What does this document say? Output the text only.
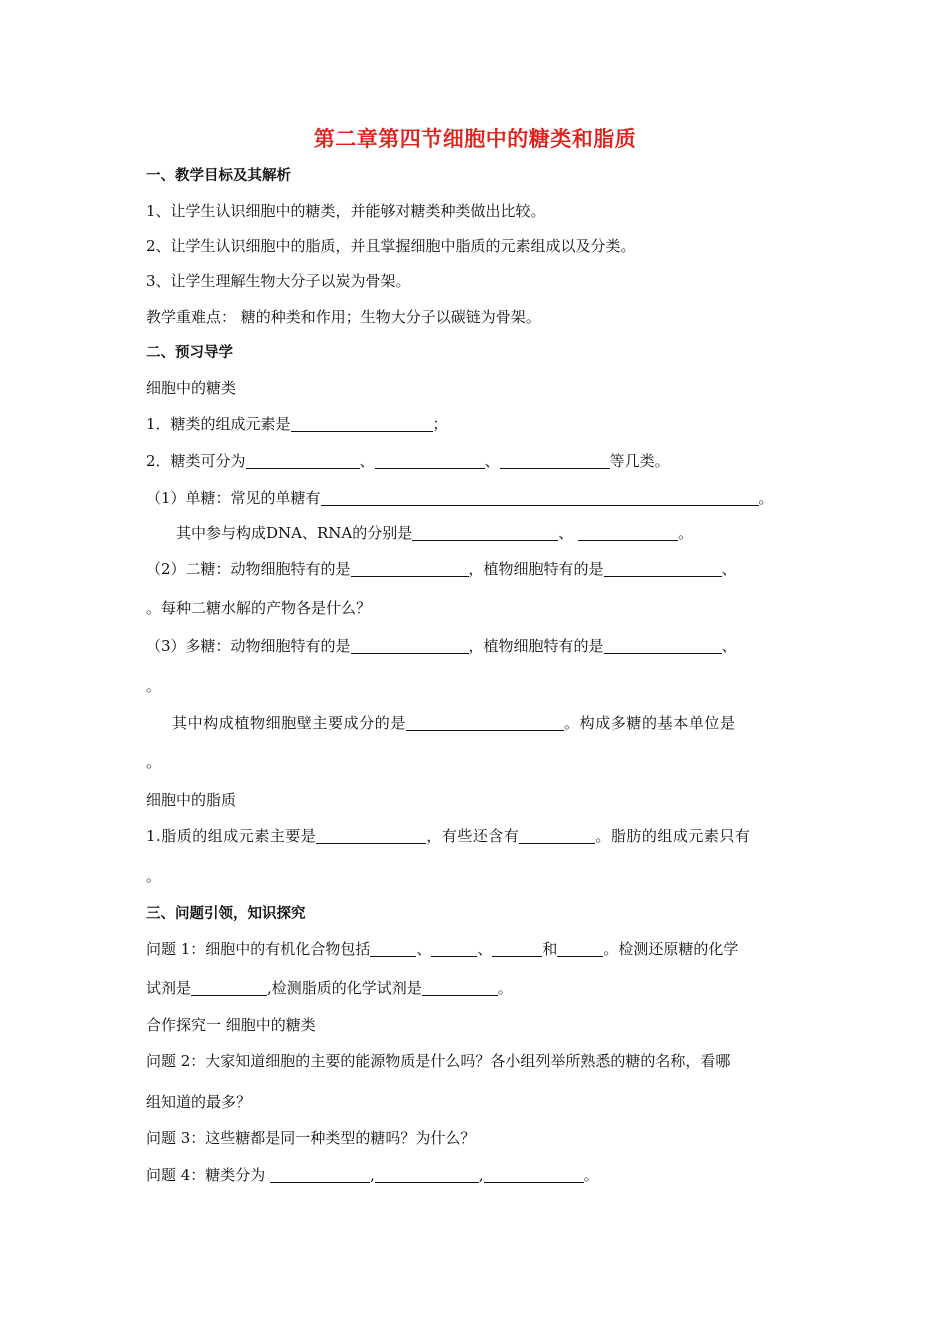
第二章第四节细胞中的糖类和脂质
一、教学目标及其解析
1、让学生认识细胞中的糖类，并能够对糖类种类做出比较。
2、让学生认识细胞中的脂质，并且掌握细胞中脂质的元素组成以及分类。
3、让学生理解生物大分子以炭为骨架。
教学重难点： 糖的种类和作用；生物大分子以碳链为骨架。
二、预习导学
细胞中的糖类
1．糖类的组成元素是	；
2．糖类可分为	、	、	等几类。
（1）单糖：常见的单糖有	。
其中参与构成DNA、RNA的分别是	、	。
（2）二糖：动物细胞特有的是	，植物细胞特有的是	、
。每种二糖水解的产物各是什么？
（3）多糖：动物细胞特有的是	，植物细胞特有的是	、
。
其中构成植物细胞壁主要成分的是	。构成多糖的基本单位是
。
细胞中的脂质
1.脂质的组成元素主要是	，有些还含有	。脂肪的组成元素只有
。
三、问题引领，知识探究
问题 1：细胞中的有机化合物包括	、	、	和	。检测还原糖的化学
试剂是	,检测脂质的化学试剂是	。
合作探究一 细胞中的糖类
问题 2：大家知道细胞的主要的能源物质是什么吗？各小组列举所熟悉的糖的名称，看哪
组知道的最多？
问题 3：这些糖都是同一种类型的糖吗？为什么？
问题 4：糖类分为	,	,	。
